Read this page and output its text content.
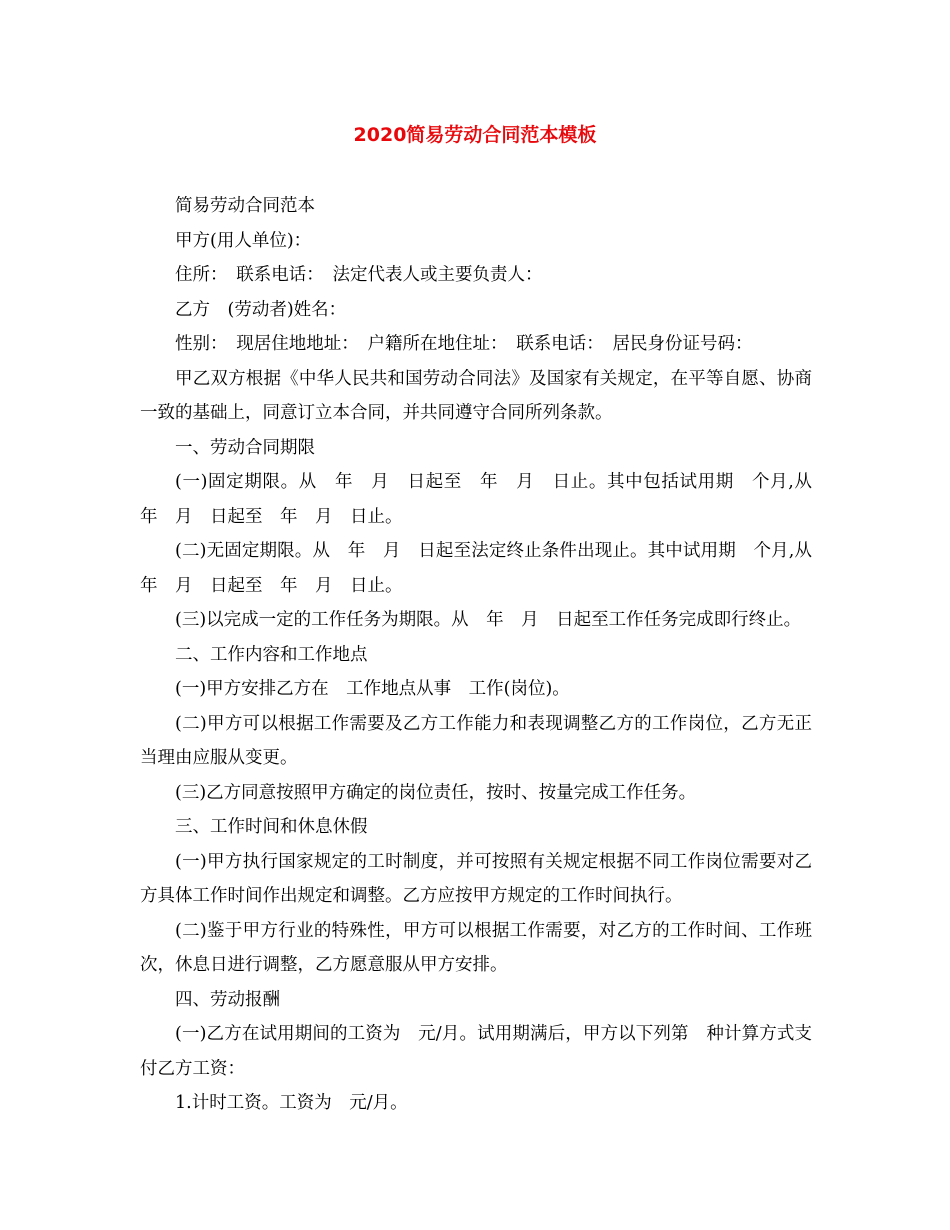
2020简易劳动合同范本模板

简易劳动合同范本

甲方(用人单位)：

住所：　联系电话：　法定代表人或主要负责人：

乙方　(劳动者)姓名：

性别：　现居住地地址：　户籍所在地住址：　联系电话：　居民身份证号码：

甲乙双方根据《中华人民共和国劳动合同法》及国家有关规定，在平等自愿、协商一致的基础上，同意订立本合同，并共同遵守合同所列条款。

一、劳动合同期限

(一)固定期限。从　年　月　日起至　年　月　日止。其中包括试用期　个月,从　年　月　日起至　年　月　日止。

(二)无固定期限。从　年　月　日起至法定终止条件出现止。其中试用期　个月,从　年　月　日起至　年　月　日止。

(三)以完成一定的工作任务为期限。从　年　月　日起至工作任务完成即行终止。

二、工作内容和工作地点

(一)甲方安排乙方在　工作地点从事　工作(岗位)。

(二)甲方可以根据工作需要及乙方工作能力和表现调整乙方的工作岗位，乙方无正当理由应服从变更。

(三)乙方同意按照甲方确定的岗位责任，按时、按量完成工作任务。

三、工作时间和休息休假

(一)甲方执行国家规定的工时制度，并可按照有关规定根据不同工作岗位需要对乙方具体工作时间作出规定和调整。乙方应按甲方规定的工作时间执行。

(二)鉴于甲方行业的特殊性，甲方可以根据工作需要，对乙方的工作时间、工作班次，休息日进行调整，乙方愿意服从甲方安排。

四、劳动报酬

(一)乙方在试用期间的工资为　元/月。试用期满后，甲方以下列第　种计算方式支付乙方工资：

1.计时工资。工资为　元/月。
